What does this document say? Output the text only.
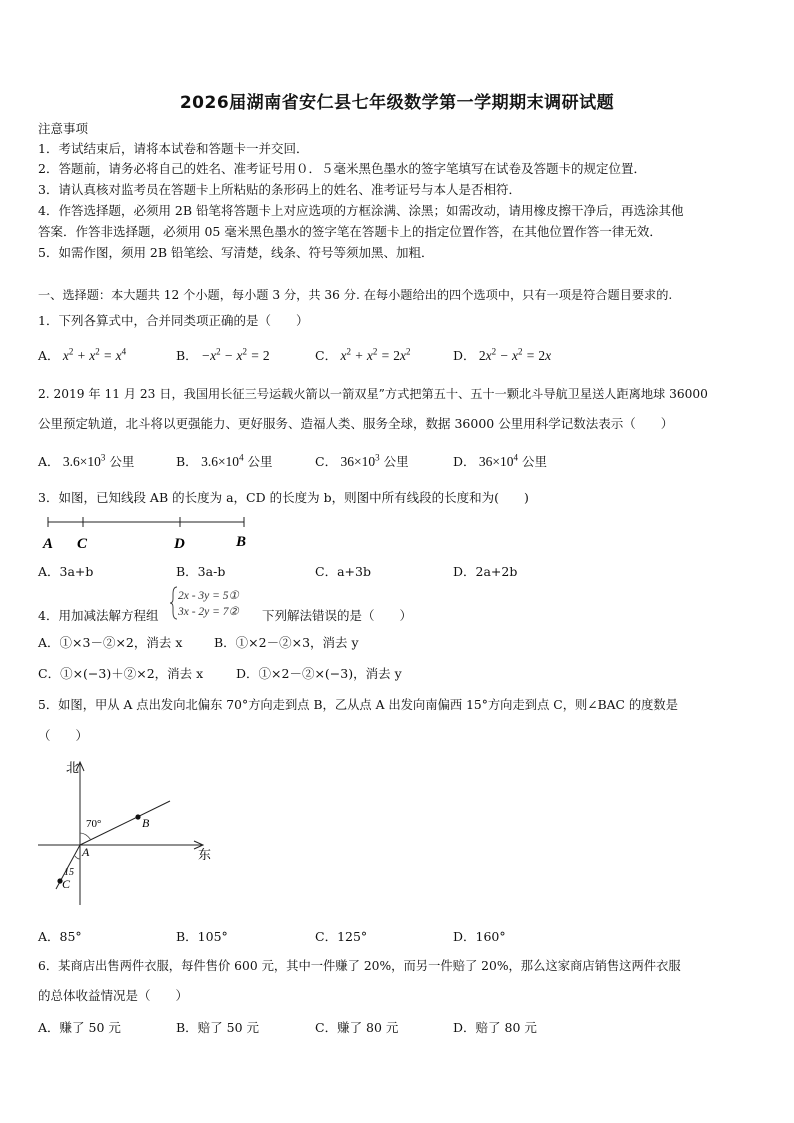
2026届湖南省安仁县七年级数学第一学期期末调研试题
注意事项
1．考试结束后，请将本试卷和答题卡一并交回．
2．答题前，请务必将自己的姓名、准考证号用０．５毫米黑色墨水的签字笔填写在试卷及答题卡的规定位置．
3．请认真核对监考员在答题卡上所粘贴的条形码上的姓名、准考证号与本人是否相符．
4．作答选择题，必须用 2B 铅笔将答题卡上对应选项的方框涂满、涂黑；如需改动，请用橡皮擦干净后，再选涂其他
答案．作答非选择题，必须用 05 毫米黑色墨水的签字笔在答题卡上的指定位置作答，在其他位置作答一律无效．
5．如需作图，须用 2B 铅笔绘、写清楚，线条、符号等须加黑、加粗．
一、选择题：本大题共 12 个小题，每小题 3 分，共 36 分. 在每小题给出的四个选项中，只有一项是符合题目要求的.
1．下列各算式中，合并同类项正确的是（　　）
A． $x^2 + x^2 = x^4$	B． $-x^2 - x^2 = 2$	C． $x^2 + x^2 = 2x^2$	D． $2x^2 - x^2 = 2x$
2. 2019 年 11 月 23 日，我国用长征三号运载火箭以一箭双星”方式把第五十、五十一颗北斗导航卫星送人距离地球 36000
公里预定轨道，北斗将以更强能力、更好服务、造福人类、服务全球，数据 36000 公里用科学记数法表示（　　）
A． $3.6\times 10^3$ 公里	B． $3.6\times 10^4$ 公里	C． $36\times 10^3$ 公里	D． $36\times 10^4$ 公里
3．如图，已知线段 AB 的长度为 a，CD 的长度为 b，则图中所有线段的长度和为(　　)
A C	D	B
A．3a+b	B．3a-b	C．a+3b	D．2a+2b
4．用加减法解方程组
2x - 3y = 5①
3x - 2y = 7② 下列解法错误的是（　　）
A．①×3－②×2，消去 x	B．①×2－②×3，消去 y
C．①×(−3)＋②×2，消去 x	D．①×2－②×(−3)，消去 y
5．如图，甲从 A 点出发向北偏东 70°方向走到点 B，乙从点 A 出发向南偏西 15°方向走到点 C，则∠BAC 的度数是
（　　）
北
东
B
C
70°
15
A
A．85°	B．105°	C．125°	D．160°
6．某商店出售两件衣服，每件售价 600 元，其中一件赚了 20%，而另一件赔了 20%，那么这家商店销售这两件衣服
的总体收益情况是（　　）
A．赚了 50 元	B．赔了 50 元	C．赚了 80 元	D．赔了 80 元
